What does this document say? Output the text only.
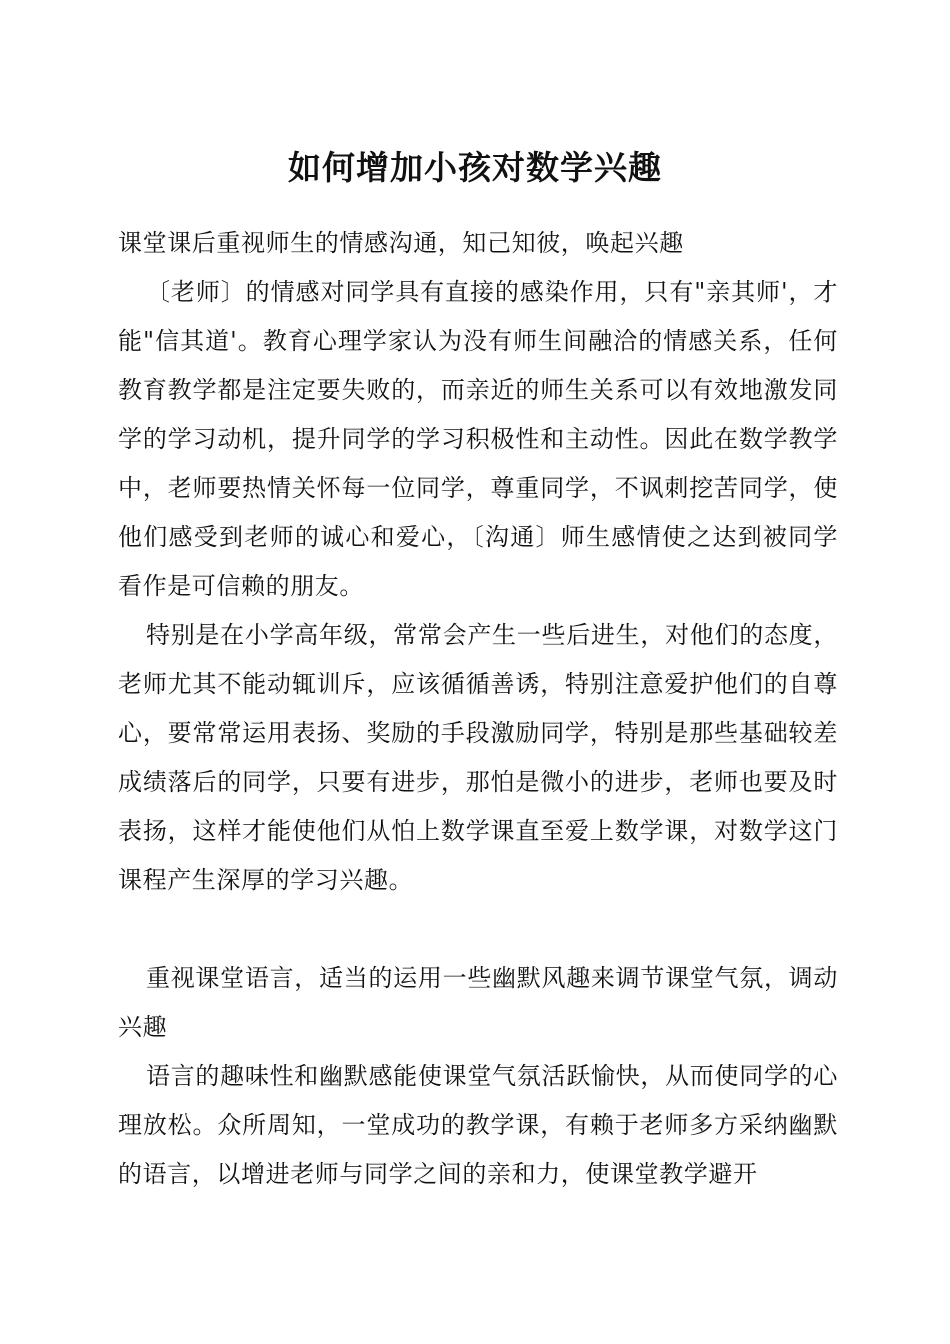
如何增加小孩对数学兴趣

课堂课后重视师生的情感沟通，知己知彼，唤起兴趣

〔老师〕的情感对同学具有直接的感染作用，只有"亲其师'，才能"信其道'。教育心理学家认为没有师生间融洽的情感关系，任何教育教学都是注定要失败的，而亲近的师生关系可以有效地激发同学的学习动机，提升同学的学习积极性和主动性。因此在数学教学中，老师要热情关怀每一位同学，尊重同学，不讽刺挖苦同学，使他们感受到老师的诚心和爱心，〔沟通〕师生感情使之达到被同学看作是可信赖的朋友。

特别是在小学高年级，常常会产生一些后进生，对他们的态度，老师尤其不能动辄训斥，应该循循善诱，特别注意爱护他们的自尊心，要常常运用表扬、奖励的手段激励同学，特别是那些基础较差成绩落后的同学，只要有进步，那怕是微小的进步，老师也要及时表扬，这样才能使他们从怕上数学课直至爱上数学课，对数学这门课程产生深厚的学习兴趣。

重视课堂语言，适当的运用一些幽默风趣来调节课堂气氛，调动兴趣

语言的趣味性和幽默感能使课堂气氛活跃愉快，从而使同学的心理放松。众所周知，一堂成功的教学课，有赖于老师多方采纳幽默的语言，以增进老师与同学之间的亲和力，使课堂教学避开
